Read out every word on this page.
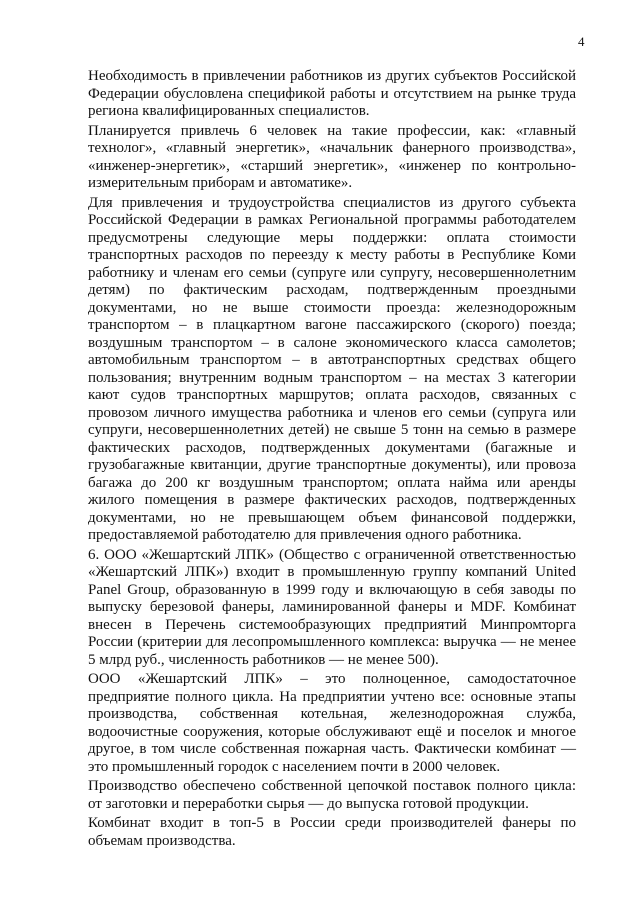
4

Необходимость в привлечении работников из других субъектов Российской Федерации обусловлена спецификой работы и отсутствием на рынке труда региона квалифицированных специалистов.

Планируется привлечь 6 человек на такие профессии, как: «главный технолог», «главный энергетик», «начальник фанерного производства», «инженер-энергетик», «старший энергетик», «инженер по контрольно-измерительным приборам и автоматике».

Для привлечения и трудоустройства специалистов из другого субъекта Российской Федерации в рамках Региональной программы работодателем предусмотрены следующие меры поддержки: оплата стоимости транспортных расходов по переезду к месту работы в Республике Коми работнику и членам его семьи (супруге или супругу, несовершеннолетним детям) по фактическим расходам, подтвержденным проездными документами, но не выше стоимости проезда: железнодорожным транспортом – в плацкартном вагоне пассажирского (скорого) поезда; воздушным транспортом – в салоне экономического класса самолетов; автомобильным транспортом – в автотранспортных средствах общего пользования; внутренним водным транспортом – на местах 3 категории кают судов транспортных маршрутов; оплата расходов, связанных с провозом личного имущества работника и членов его семьи (супруга или супруги, несовершеннолетних детей) не свыше 5 тонн на семью в размере фактических расходов, подтвержденных документами (багажные и грузобагажные квитанции, другие транспортные документы), или провоза багажа до 200 кг воздушным транспортом; оплата найма или аренды жилого помещения в размере фактических расходов, подтвержденных документами, но не превышающем объем финансовой поддержки, предоставляемой работодателю для привлечения одного работника.

6. ООО «Жешартский ЛПК» (Общество с ограниченной ответственностью «Жешартский ЛПК») входит в промышленную группу компаний United Panel Group, образованную в 1999 году и включающую в себя заводы по выпуску березовой фанеры, ламинированной фанеры и MDF. Комбинат внесен в Перечень системообразующих предприятий Минпромторга России (критерии для лесопромышленного комплекса: выручка — не менее 5 млрд руб., численность работников — не менее 500).

ООО «Жешартский ЛПК» – это полноценное, самодостаточное предприятие полного цикла. На предприятии учтено все: основные этапы производства, собственная котельная, железнодорожная служба, водоочистные сооружения, которые обслуживают ещё и поселок и многое другое, в том числе собственная пожарная часть. Фактически комбинат — это промышленный городок с населением почти в 2000 человек.

Производство обеспечено собственной цепочкой поставок полного цикла: от заготовки и переработки сырья — до выпуска готовой продукции.

Комбинат входит в топ-5 в России среди производителей фанеры по объемам производства.
